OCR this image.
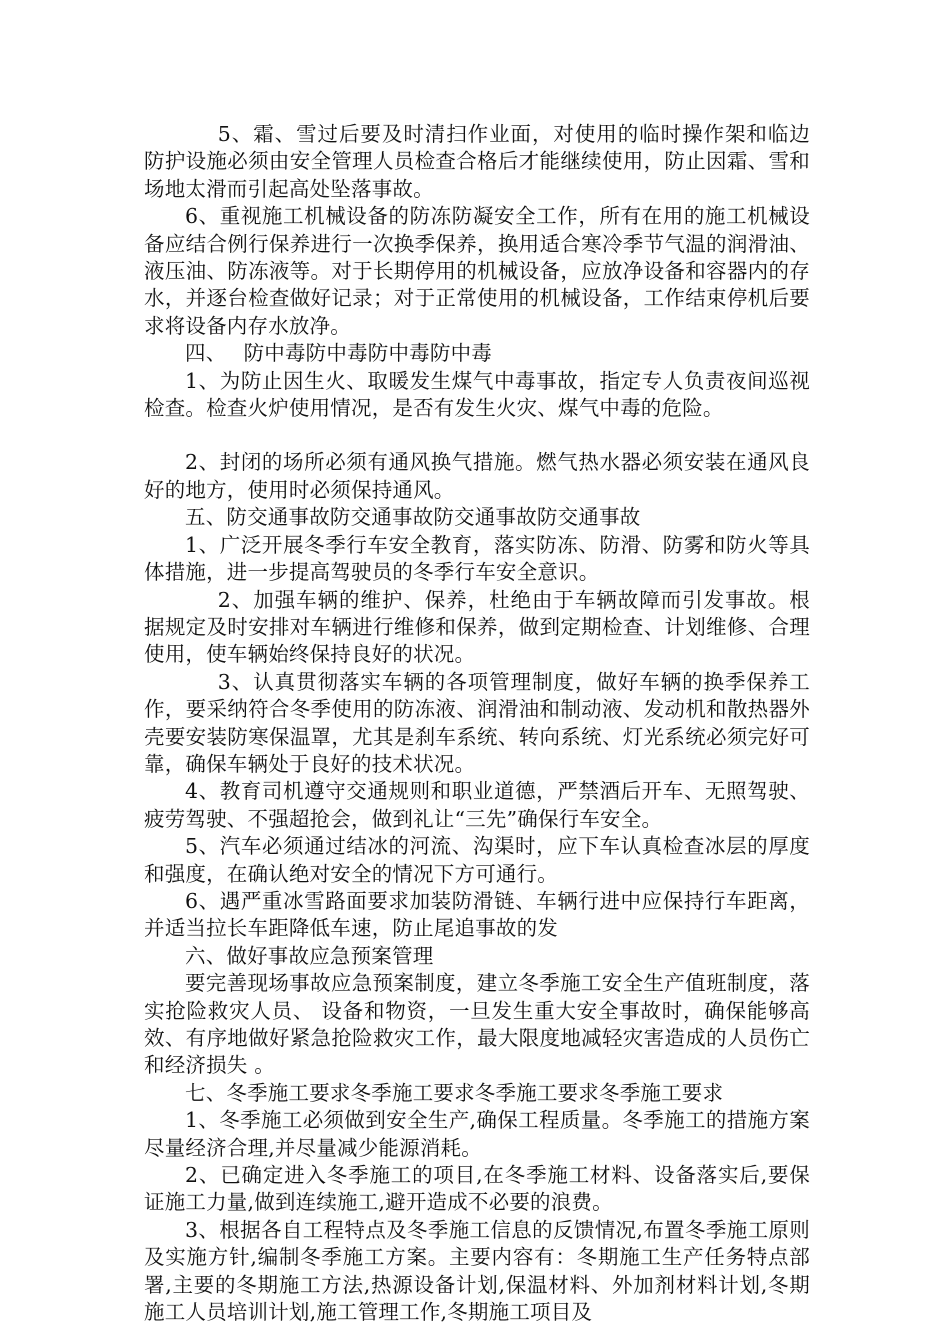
5、霜、雪过后要及时清扫作业面，对使用的临时操作架和临边防护设施必须由安全管理人员检查合格后才能继续使用，防止因霜、雪和场地太滑而引起高处坠落事故。

6、重视施工机械设备的防冻防凝安全工作，所有在用的施工机械设备应结合例行保养进行一次换季保养，换用适合寒冷季节气温的润滑油、液压油、防冻液等。对于长期停用的机械设备，应放净设备和容器内的存水，并逐台检查做好记录；对于正常使用的机械设备，工作结束停机后要求将设备内存水放净。

四、　 防中毒防中毒防中毒防中毒

1、为防止因生火、取暖发生煤气中毒事故，指定专人负责夜间巡视检查。检查火炉使用情况，是否有发生火灾、煤气中毒的危险。

2、封闭的场所必须有通风换气措施。燃气热水器必须安装在通风良好的地方，使用时必须保持通风。

五、防交通事故防交通事故防交通事故防交通事故

1、广泛开展冬季行车安全教育，落实防冻、防滑、防雾和防火等具体措施，进一步提高驾驶员的冬季行车安全意识。

2、加强车辆的维护、保养，杜绝由于车辆故障而引发事故。根据规定及时安排对车辆进行维修和保养，做到定期检查、计划维修、合理使用，使车辆始终保持良好的状况。

3、认真贯彻落实车辆的各项管理制度，做好车辆的换季保养工作，要采纳符合冬季使用的防冻液、润滑油和制动液、发动机和散热器外壳要安装防寒保温罩，尤其是刹车系统、转向系统、灯光系统必须完好可靠，确保车辆处于良好的技术状况。

4、教育司机遵守交通规则和职业道德，严禁酒后开车、无照驾驶、疲劳驾驶、不强超抢会，做到礼让“三先”确保行车安全。

5、汽车必须通过结冰的河流、沟渠时，应下车认真检查冰层的厚度和强度，在确认绝对安全的情况下方可通行。

6、遇严重冰雪路面要求加装防滑链、车辆行进中应保持行车距离，并适当拉长车距降低车速，防止尾追事故的发

六、做好事故应急预案管理

要完善现场事故应急预案制度，建立冬季施工安全生产值班制度，落实抢险救灾人员、 设备和物资，一旦发生重大安全事故时，确保能够高效、有序地做好紧急抢险救灾工作，最大限度地减轻灾害造成的人员伤亡和经济损失 。

七、冬季施工要求冬季施工要求冬季施工要求冬季施工要求

1、冬季施工必须做到安全生产,确保工程质量。冬季施工的措施方案尽量经济合理,并尽量减少能源消耗。

2、已确定进入冬季施工的项目,在冬季施工材料、设备落实后,要保证施工力量,做到连续施工,避开造成不必要的浪费。

3、根据各自工程特点及冬季施工信息的反馈情况,布置冬季施工原则及实施方针,编制冬季施工方案。主要内容有：冬期施工生产任务特点部署,主要的冬期施工方法,热源设备计划,保温材料、外加剂材料计划,冬期施工人员培训计划,施工管理工作,冬期施工项目及
